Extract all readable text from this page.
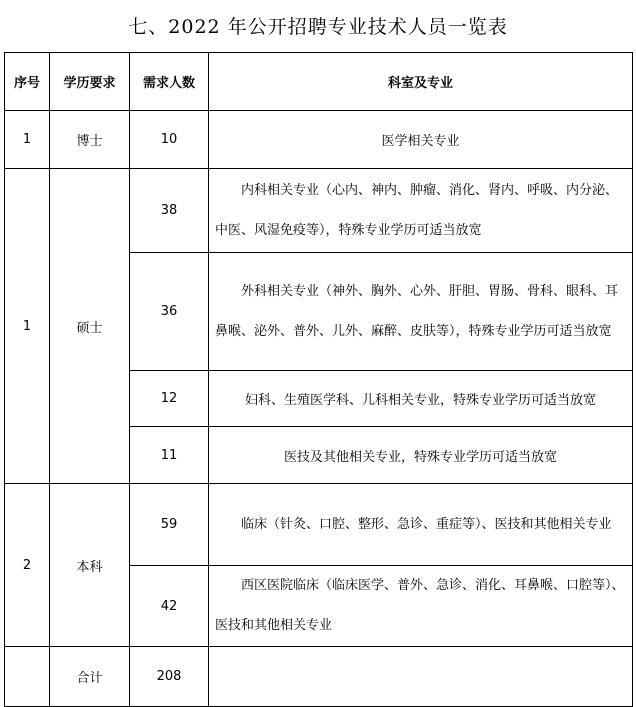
七、2022 年公开招聘专业技术人员一览表
序号	学历要求	需求人数	科室及专业
1	博士	10	医学相关专业
1	硕士	38	内科相关专业（心内、神内、肿瘤、消化、肾内、呼吸、内分泌、中医、风湿免疫等），特殊专业学历可适当放宽
		36	外科相关专业（神外、胸外、心外、肝胆、胃肠、骨科、眼科、耳鼻喉、泌外、普外、儿外、麻醉、皮肤等），特殊专业学历可适当放宽
		12	妇科、生殖医学科、儿科相关专业，特殊专业学历可适当放宽
		11	医技及其他相关专业，特殊专业学历可适当放宽
2	本科	59	临床（针灸、口腔、整形、急诊、重症等）、医技和其他相关专业
		42	西区医院临床（临床医学、普外、急诊、消化、耳鼻喉、口腔等）、医技和其他相关专业
	合计	208	
